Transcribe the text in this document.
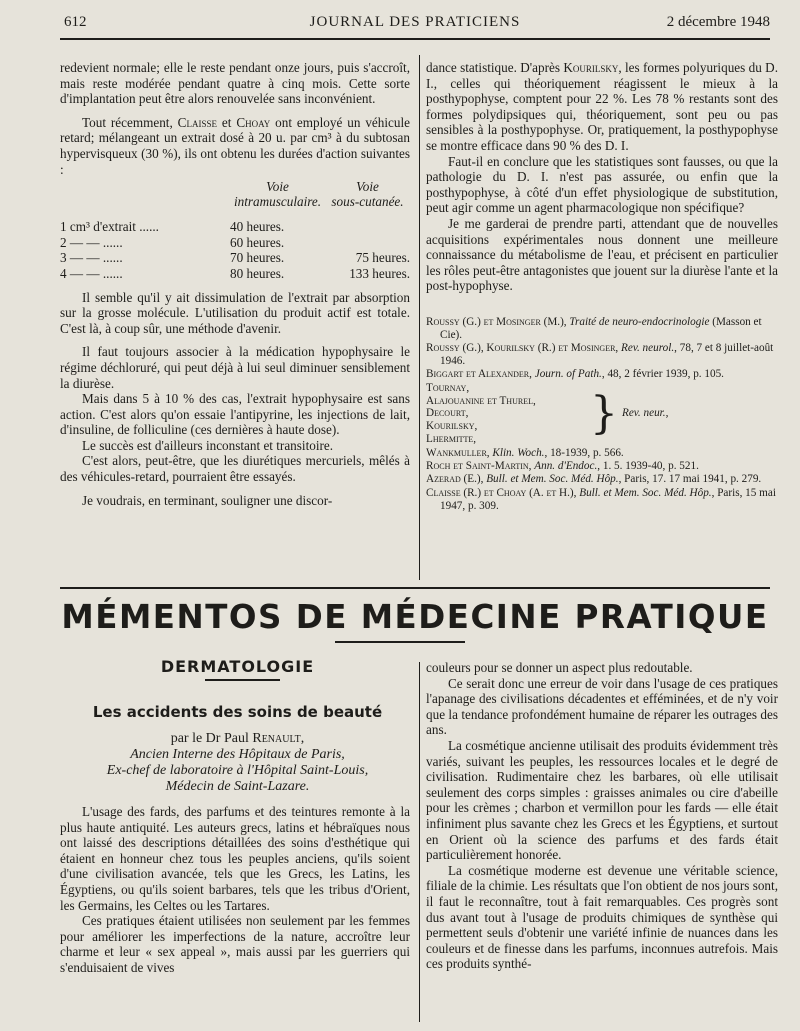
612	JOURNAL DES PRATICIENS	2 décembre 1948

redevient normale; elle le reste pendant onze jours, puis s'accroît, mais reste modérée pendant quatre à cinq mois. Cette sorte d'implantation peut être alors renouvelée sans inconvénient.

Tout récemment, Claisse et Choay ont employé un véhicule retard; mélangeant un extrait dosé à 20 u. par cm³ à du subtosan hypervisqueux (30 %), ils ont obtenu les durées d'action suivantes :

	Voie
intramusculaire.	Voie
sous-cutanée.

1 cm³ d'extrait ......	40 heures.	
2 — — ......	60 heures.	
3 — — ......	70 heures.	75 heures.
4 — — ......	80 heures.	133 heures.

Il semble qu'il y ait dissimulation de l'extrait par absorption sur la grosse molécule. L'utilisation du produit actif est totale. C'est là, à coup sûr, une méthode d'avenir.

Il faut toujours associer à la médication hypophysaire le régime déchloruré, qui peut déjà à lui seul diminuer sensiblement la diurèse.

Mais dans 5 à 10 % des cas, l'extrait hypophysaire est sans action. C'est alors qu'on essaie l'antipyrine, les injections de lait, d'insuline, de folliculine (ces dernières à haute dose).

Le succès est d'ailleurs inconstant et transitoire.

C'est alors, peut-être, que les diurétiques mercuriels, mêlés à des véhicules-retard, pourraient être essayés.

Je voudrais, en terminant, souligner une discor-

dance statistique. D'après Kourilsky, les formes polyuriques du D. I., celles qui théoriquement réagissent le mieux à la posthypophyse, comptent pour 22 %. Les 78 % restants sont des formes polydipsiques qui, théoriquement, sont peu ou pas sensibles à la posthypophyse. Or, pratiquement, la posthypophyse se montre efficace dans 90 % des D. I.

Faut-il en conclure que les statistiques sont fausses, ou que la pathologie du D. I. n'est pas assurée, ou enfin que la posthypophyse, à côté d'un effet physiologique de substitution, peut agir comme un agent pharmacologique non spécifique?

Je me garderai de prendre parti, attendant que de nouvelles acquisitions expérimentales nous donnent une meilleure connaissance du métabolisme de l'eau, et précisent en particulier les rôles peut-être antagonistes que jouent sur la diurèse l'ante et la post-hypophyse.

Roussy (G.) et Mosinger (M.), Traité de neuro-endocrinologie (Masson et Cie).

Roussy (G.), Kourilsky (R.) et Mosinger, Rev. neurol., 78, 7 et 8 juillet-août 1946.

Biggart et Alexander, Journ. of Path., 48, 2 février 1939, p. 105.

Tournay,
Alajouanine et Thurel,
Decourt,
Kourilsky,
Lhermitte,
} Rev. neur.,

Wankmuller, Klin. Woch., 18-1939, p. 566.

Roch et Saint-Martin, Ann. d'Endoc., 1. 5. 1939-40, p. 521.

Azerad (E.), Bull. et Mem. Soc. Méd. Hôp., Paris, 17. 17 mai 1941, p. 279.

Claisse (R.) et Choay (A. et H.), Bull. et Mem. Soc. Méd. Hôp., Paris, 15 mai 1947, p. 309.

MÉMENTOS DE MÉDECINE PRATIQUE
DERMATOLOGIE
Les accidents des soins de beauté
par le Dr Paul Renault,
Ancien Interne des Hôpitaux de Paris,
Ex-chef de laboratoire à l'Hôpital Saint-Louis,
Médecin de Saint-Lazare.

L'usage des fards, des parfums et des teintures remonte à la plus haute antiquité. Les auteurs grecs, latins et hébraïques nous ont laissé des descriptions détaillées des soins d'esthétique qui étaient en honneur chez tous les peuples anciens, qu'ils soient d'une civilisation avancée, tels que les Grecs, les Latins, les Égyptiens, ou qu'ils soient barbares, tels que les tribus d'Orient, les Germains, les Celtes ou les Tartares.

Ces pratiques étaient utilisées non seulement par les femmes pour améliorer les imperfections de la nature, accroître leur charme et leur « sex appeal », mais aussi par les guerriers qui s'enduisaient de vives

couleurs pour se donner un aspect plus redoutable.

Ce serait donc une erreur de voir dans l'usage de ces pratiques l'apanage des civilisations décadentes et efféminées, et de n'y voir que la tendance profondément humaine de réparer les outrages des ans.

La cosmétique ancienne utilisait des produits évidemment très variés, suivant les peuples, les ressources locales et le degré de civilisation. Rudimentaire chez les barbares, où elle utilisait seulement des corps simples : graisses animales ou cire d'abeille pour les crèmes ; charbon et vermillon pour les fards — elle était infiniment plus savante chez les Grecs et les Égyptiens, et surtout en Orient où la science des parfums et des fards était particulièrement honorée.

La cosmétique moderne est devenue une véritable science, filiale de la chimie. Les résultats que l'on obtient de nos jours sont, il faut le reconnaître, tout à fait remarquables. Ces progrès sont dus avant tout à l'usage de produits chimiques de synthèse qui permettent seuls d'obtenir une variété infinie de nuances dans les couleurs et de finesse dans les parfums, inconnues autrefois. Mais ces produits synthé-
